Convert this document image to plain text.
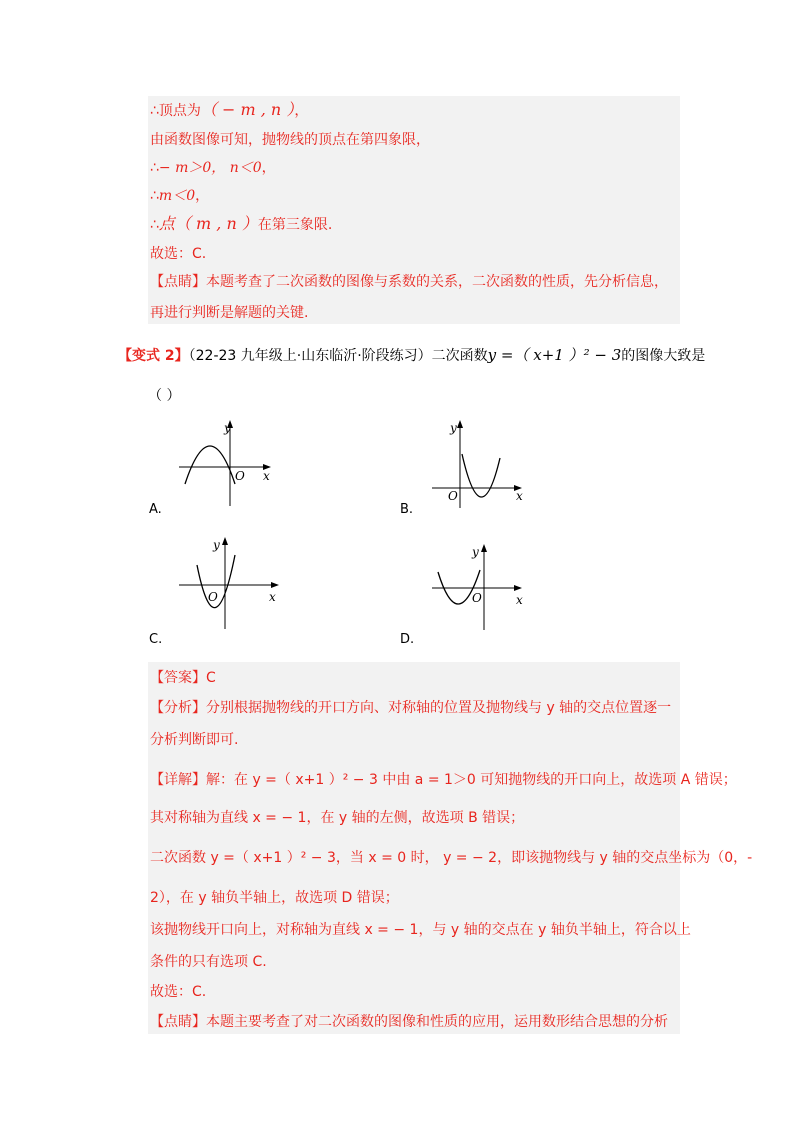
∴顶点为（ − m , n ），
由函数图像可知，抛物线的顶点在第四象限，
∴− m＞0， n＜0，
∴m＜0，
∴点（ m , n ）在第三象限.
故选：C.
【点睛】本题考查了二次函数的图像与系数的关系，二次函数的性质，先分析信息，
再进行判断是解题的关键.
【变式 2】（22-23 九年级上·山东临沂·阶段练习）二次函数y =（ x+1 ）² − 3的图像大致是
（ ）
y
x
O
A.
y
x
O
B.
y
x
O
C.
y
x
O
D.
【答案】C
【分析】分别根据抛物线的开口方向、对称轴的位置及抛物线与 y 轴的交点位置逐一
分析判断即可.
【详解】解：在 y =（ x+1 ）² − 3 中由 a = 1＞0 可知抛物线的开口向上，故选项 A 错误；
其对称轴为直线 x = − 1，在 y 轴的左侧，故选项 B 错误；
二次函数 y =（ x+1 ）² − 3，当 x = 0 时， y = − 2，即该抛物线与 y 轴的交点坐标为（0，-
2），在 y 轴负半轴上，故选项 D 错误；
该抛物线开口向上，对称轴为直线 x = − 1，与 y 轴的交点在 y 轴负半轴上，符合以上
条件的只有选项 C.
故选：C.
【点睛】本题主要考查了对二次函数的图像和性质的应用，运用数形结合思想的分析
